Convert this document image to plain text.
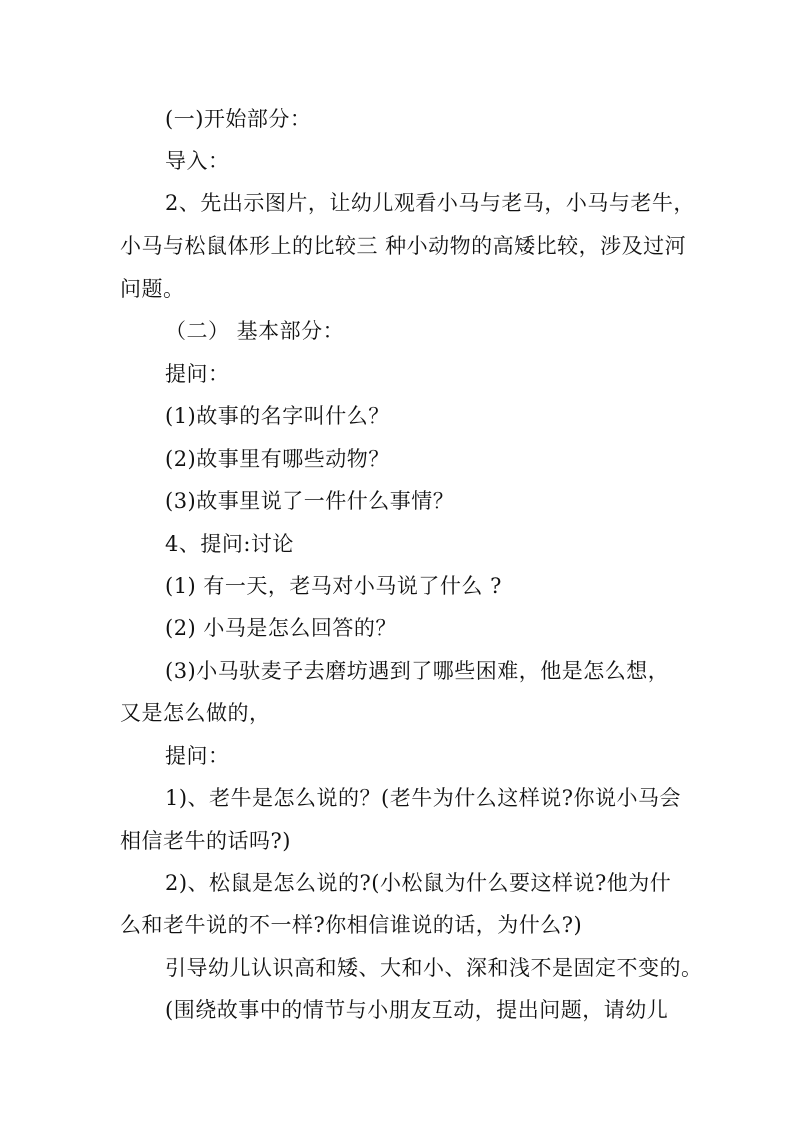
(一)开始部分：
导入：
2、先出示图片，让幼儿观看小马与老马，小马与老牛，
小马与松鼠体形上的比较三 种小动物的高矮比较，涉及过河
问题。
（二） 基本部分：
提问：
(1)故事的名字叫什么？
(2)故事里有哪些动物？
(3)故事里说了一件什么事情？
4、提问:讨论
(1) 有一天，老马对小马说了什么 ?
(2) 小马是怎么回答的？
(3)小马驮麦子去磨坊遇到了哪些困难，他是怎么想，
又是怎么做的，
提问：
1)、老牛是怎么说的？(老牛为什么这样说?你说小马会
相信老牛的话吗?)
2)、松鼠是怎么说的?(小松鼠为什么要这样说?他为什
么和老牛说的不一样?你相信谁说的话，为什么?)
引导幼儿认识高和矮、大和小、深和浅不是固定不变的。
(围绕故事中的情节与小朋友互动，提出问题，请幼儿
